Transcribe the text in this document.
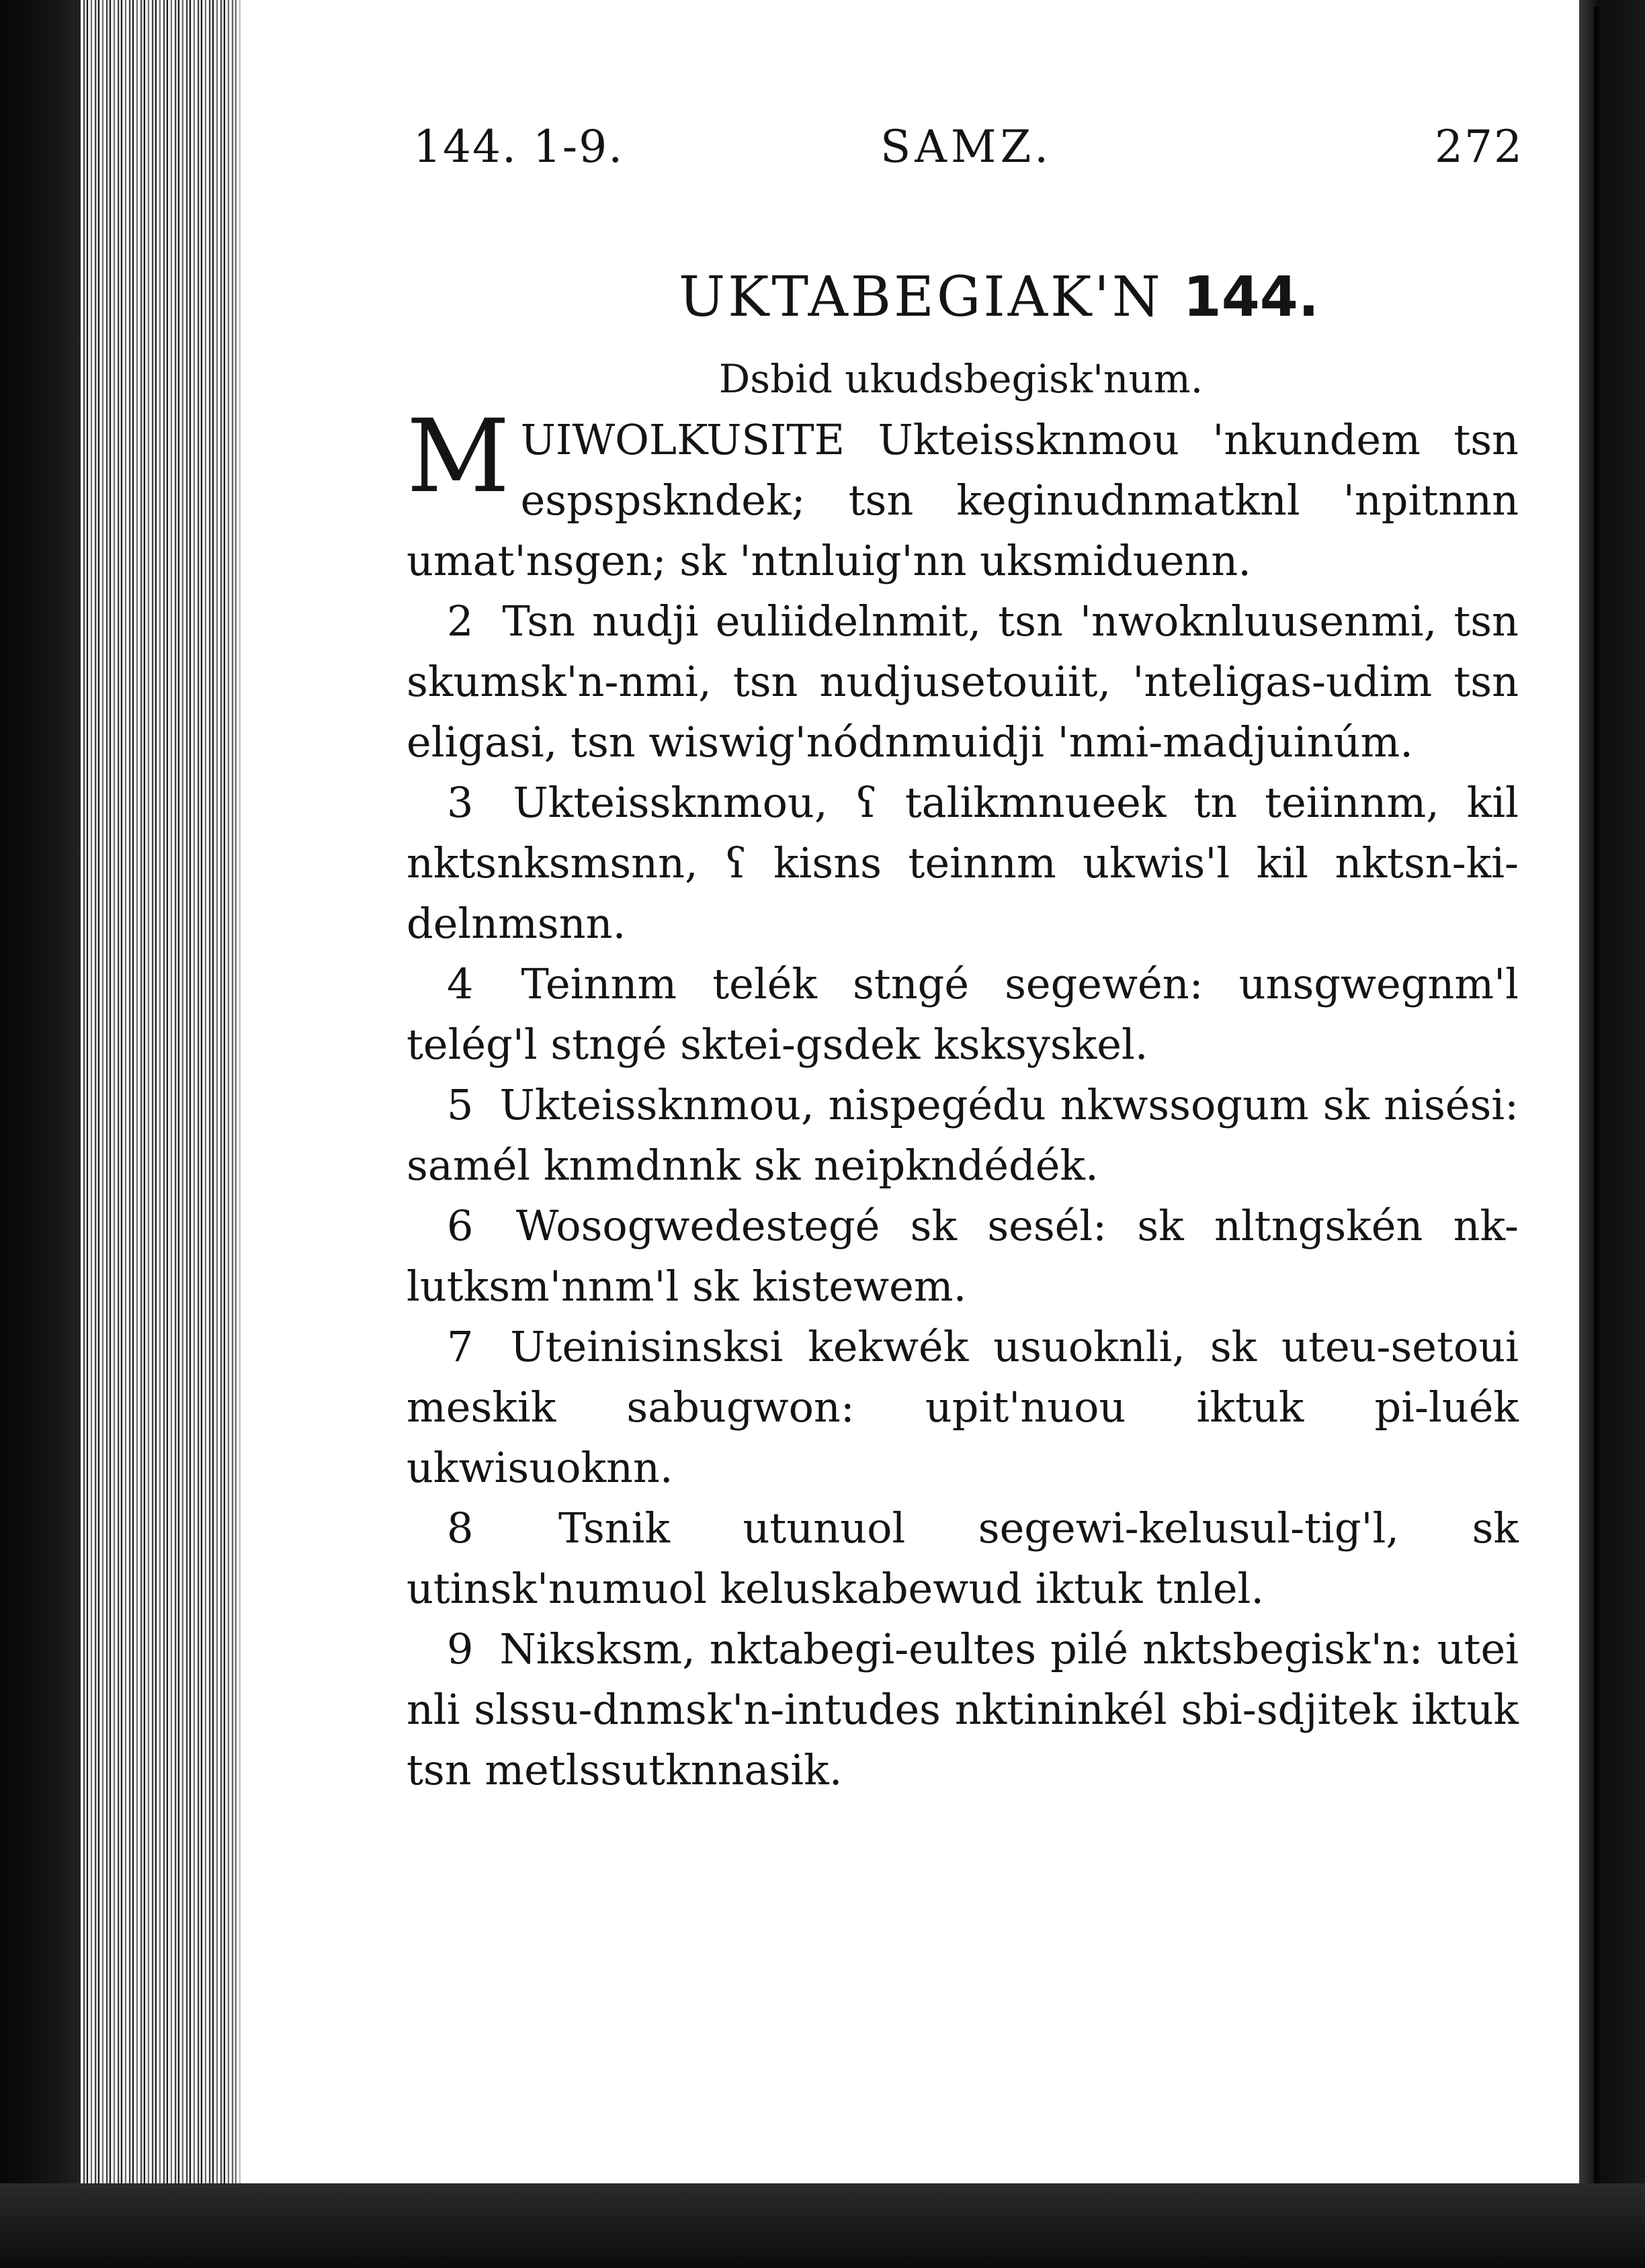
144. 1-9.	SAMZ.	272
UKTABEGIAK'N 144.
Dsbid ukudsbegisk'num.

M UIWOLKUSITE Ukteissknmou 'nkundem tsn espspskndek; tsn keginudnmatknl 'npitnnn umat'nsgen; sk 'ntnluig'nn uksmiduenn.

2 Tsn nudji euliidelnmit, tsn 'nwoknluusenmi, tsn skumsk'n-nmi, tsn nudjusetouiit, 'nteligas-udim tsn eligasi, tsn wiswig'nódnmuidji 'nmi-madjuinúm.

3 Ukteissknmou, ʕ talikmnueek tn teiinnm, kil nktsnksmsnn, ʕ kisns teinnm ukwis'l kil nktsn-ki-delnmsnn.

4 Teinnm telék stngé segewén: unsgwegnm'l telég'l stngé sktei-gsdek ksksyskel.

5 Ukteissknmou, nispegédu nkwssogum sk nisési: samél knmdnnk sk neipkndédék.

6 Wosogwedestegé sk sesél: sk nltngskén nk-lutksm'nnm'l sk kistewem.

7 Uteinisinsksi kekwék usuoknli, sk uteu-setoui meskik sabugwon: upit'nuou iktuk pi-luék ukwisuoknn.

8 Tsnik utunuol segewi-kelusul-tig'l, sk utinsk'numuol keluskabewud iktuk tnlel.

9 Niksksm, nktabegi-eultes pilé nktsbegisk'n: utei nli slssu-dnmsk'n-intudes nktininkél sbi-sdjitek iktuk tsn metlssutknnasik.
